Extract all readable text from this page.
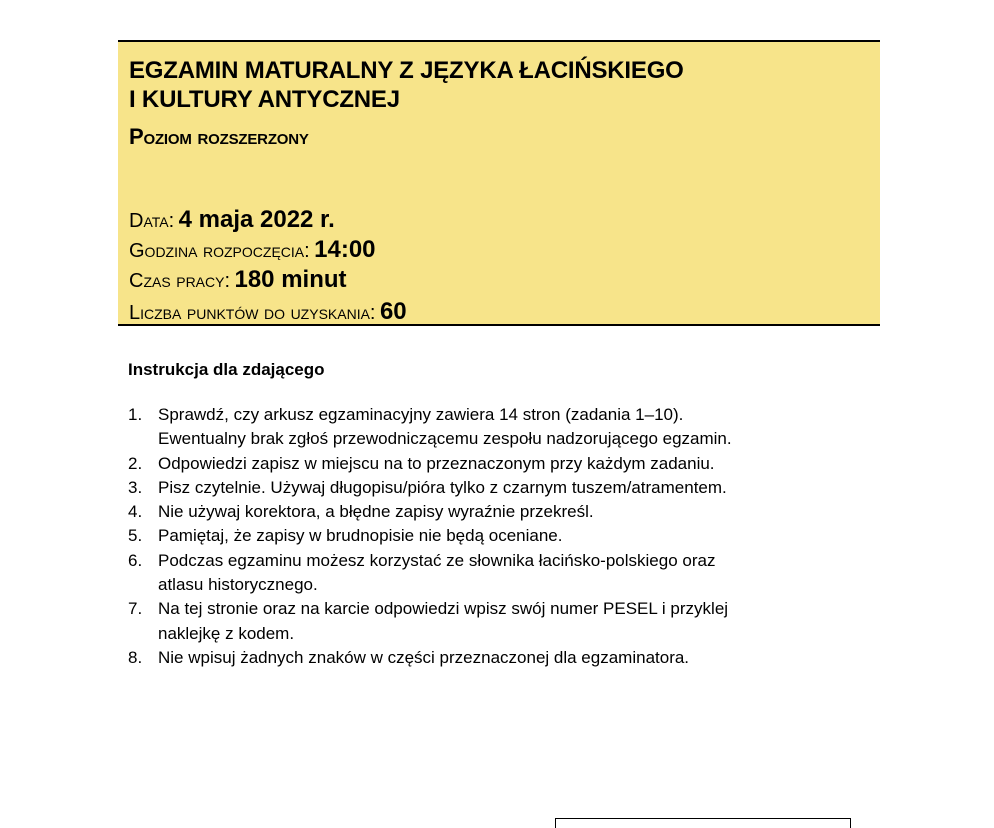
EGZAMIN MATURALNY Z JĘZYKA ŁACIŃSKIEGO
I KULTURY ANTYCZNEJ
Poziom rozszerzony
Data: 4 maja 2022 r.
Godzina rozpoczęcia: 14:00
Czas pracy: 180 minut
Liczba punktów do uzyskania: 60
Instrukcja dla zdającego
1. Sprawdź, czy arkusz egzaminacyjny zawiera 14 stron (zadania 1–10).
Ewentualny brak zgłoś przewodniczącemu zespołu nadzorującego egzamin.
2. Odpowiedzi zapisz w miejscu na to przeznaczonym przy każdym zadaniu.
3. Pisz czytelnie. Używaj długopisu/pióra tylko z czarnym tuszem/atramentem.
4. Nie używaj korektora, a błędne zapisy wyraźnie przekreśl.
5. Pamiętaj, że zapisy w brudnopisie nie będą oceniane.
6. Podczas egzaminu możesz korzystać ze słownika łacińsko-polskiego oraz
atlasu historycznego.
7. Na tej stronie oraz na karcie odpowiedzi wpisz swój numer PESEL i przyklej
naklejkę z kodem.
8. Nie wpisuj żadnych znaków w części przeznaczonej dla egzaminatora.
